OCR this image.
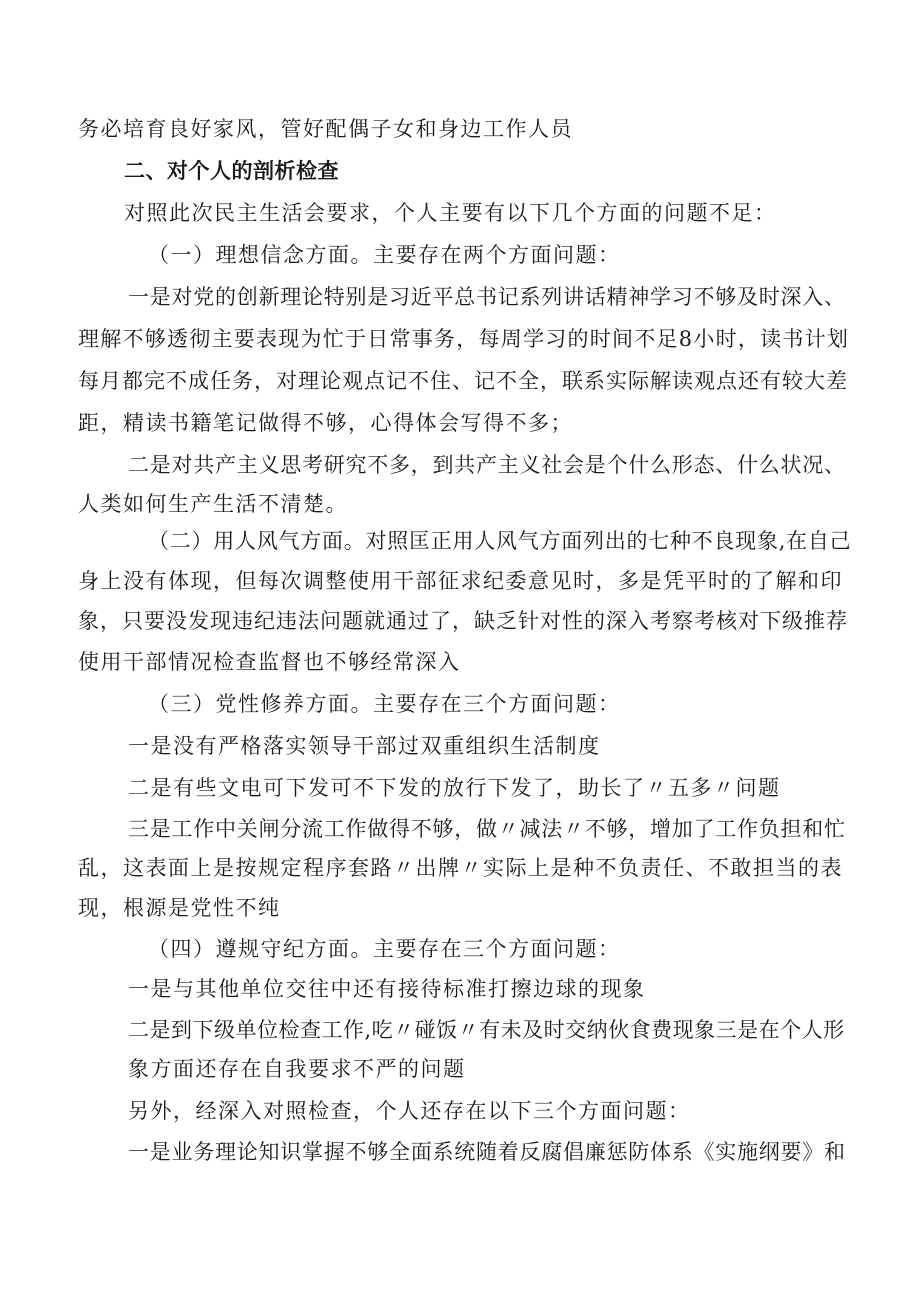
务必培育良好家风，管好配偶子女和身边工作人员
二、对个人的剖析检查
对照此次民主生活会要求，个人主要有以下几个方面的问题不足：
（一）理想信念方面。主要存在两个方面问题：
一是对党的创新理论特别是习近平总书记系列讲话精神学习不够及时深入、
理解不够透彻主要表现为忙于日常事务，每周学习的时间不足8小时，读书计划
每月都完不成任务，对理论观点记不住、记不全，联系实际解读观点还有较大差
距，精读书籍笔记做得不够，心得体会写得不多；
二是对共产主义思考研究不多，到共产主义社会是个什么形态、什么状况、
人类如何生产生活不清楚。
（二）用人风气方面。对照匡正用人风气方面列出的七种不良现象,在自己
身上没有体现，但每次调整使用干部征求纪委意见时，多是凭平时的了解和印
象，只要没发现违纪违法问题就通过了，缺乏针对性的深入考察考核对下级推荐
使用干部情况检查监督也不够经常深入
（三）党性修养方面。主要存在三个方面问题：
一是没有严格落实领导干部过双重组织生活制度
二是有些文电可下发可不下发的放行下发了，助长了〃五多〃问题
三是工作中关闸分流工作做得不够，做〃减法〃不够，增加了工作负担和忙
乱，这表面上是按规定程序套路〃出牌〃实际上是种不负责任、不敢担当的表
现，根源是党性不纯
（四）遵规守纪方面。主要存在三个方面问题：
一是与其他单位交往中还有接待标准打擦边球的现象
二是到下级单位检查工作,吃〃碰饭〃有未及时交纳伙食费现象三是在个人形
象方面还存在自我要求不严的问题
另外，经深入对照检查，个人还存在以下三个方面问题：
一是业务理论知识掌握不够全面系统随着反腐倡廉惩防体系《实施纲要》和
